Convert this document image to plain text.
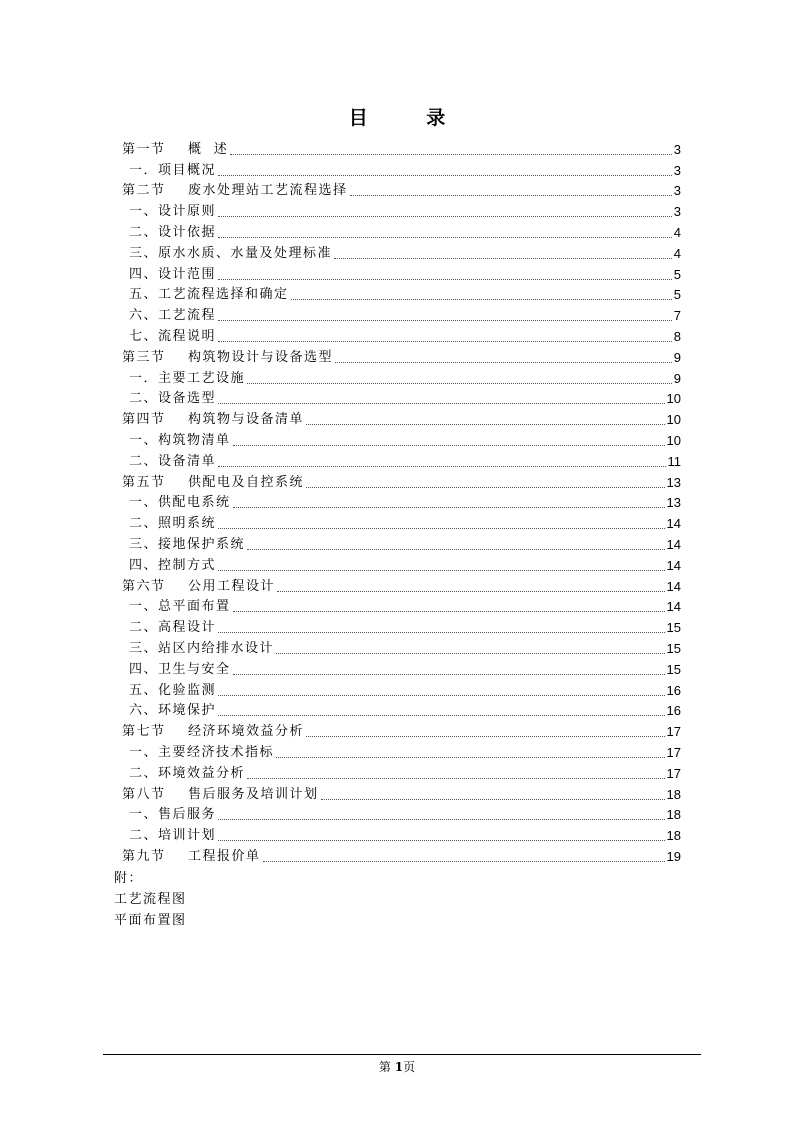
目 录
第一节    概  述	3
一．项目概况	3
第二节    废水处理站工艺流程选择	3
一、设计原则	3
二、设计依据	4
三、原水水质、水量及处理标准	4
四、设计范围	5
五、工艺流程选择和确定	5
六、工艺流程	7
七、流程说明	8
第三节    构筑物设计与设备选型	9
一．主要工艺设施	9
二、设备选型	10
第四节    构筑物与设备清单	10
一、构筑物清单	10
二、设备清单	11
第五节    供配电及自控系统	13
一、供配电系统	13
二、照明系统	14
三、接地保护系统	14
四、控制方式	14
第六节    公用工程设计	14
一、总平面布置	14
二、高程设计	15
三、站区内给排水设计	15
四、卫生与安全	15
五、化验监测	16
六、环境保护	16
第七节    经济环境效益分析	17
一、主要经济技术指标	17
二、环境效益分析	17
第八节    售后服务及培训计划	18
一、售后服务	18
二、培训计划	18
第九节    工程报价单	19
附：
工艺流程图
平面布置图
第 1页
